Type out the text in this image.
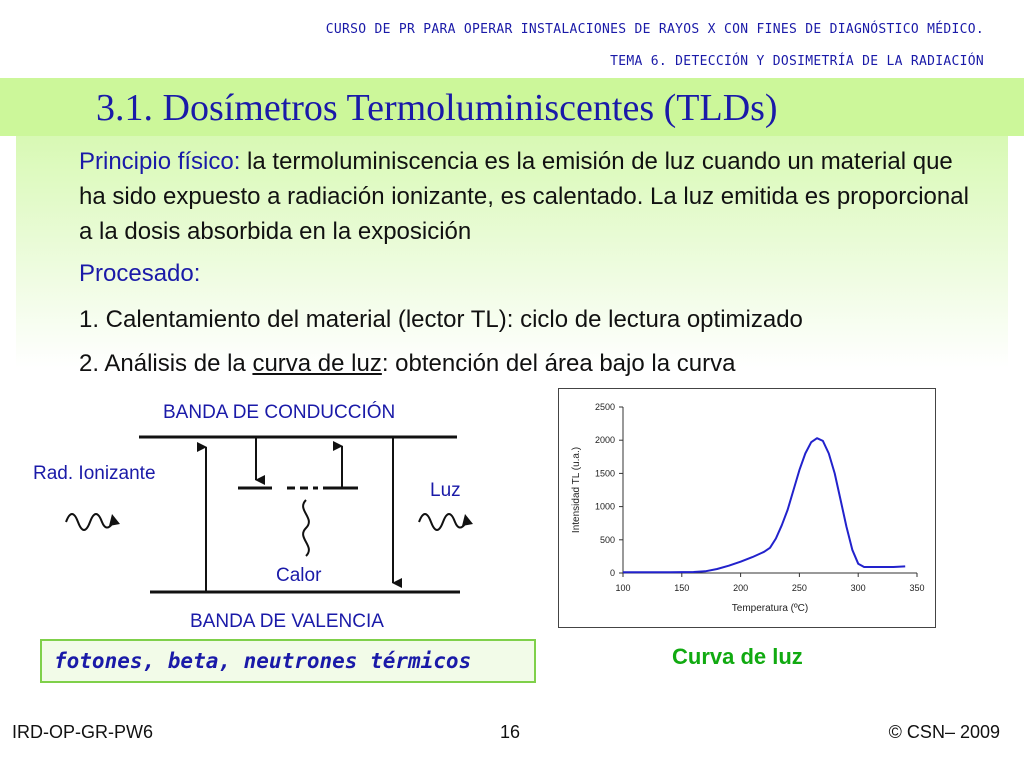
CURSO DE PR PARA OPERAR INSTALACIONES DE RAYOS X CON FINES DE DIAGNÓSTICO MÉDICO.
TEMA 6. DETECCIÓN Y DOSIMETRÍA DE LA RADIACIÓN
3.1. Dosímetros Termoluminiscentes (TLDs)
Principio físico: la termoluminiscencia es la emisión de luz cuando un material que ha sido expuesto a radiación ionizante, es calentado. La luz emitida es proporcional a la dosis absorbida en la exposición
Procesado:
1. Calentamiento del material (lector TL): ciclo de lectura optimizado
2. Análisis de la curva de luz: obtención del área bajo la curva
BANDA DE CONDUCCIÓN
BANDA DE VALENCIA
Rad. Ionizante
Luz
Calor
fotones, beta, neutrones térmicos
0
500
1000
1500
2000
2500
100	150	200	250	300	350
Temperatura (ºC)
Intensidad TL (u.a.)
Curva de luz
IRD-OP-GR-PW6	16	© CSN– 2009
